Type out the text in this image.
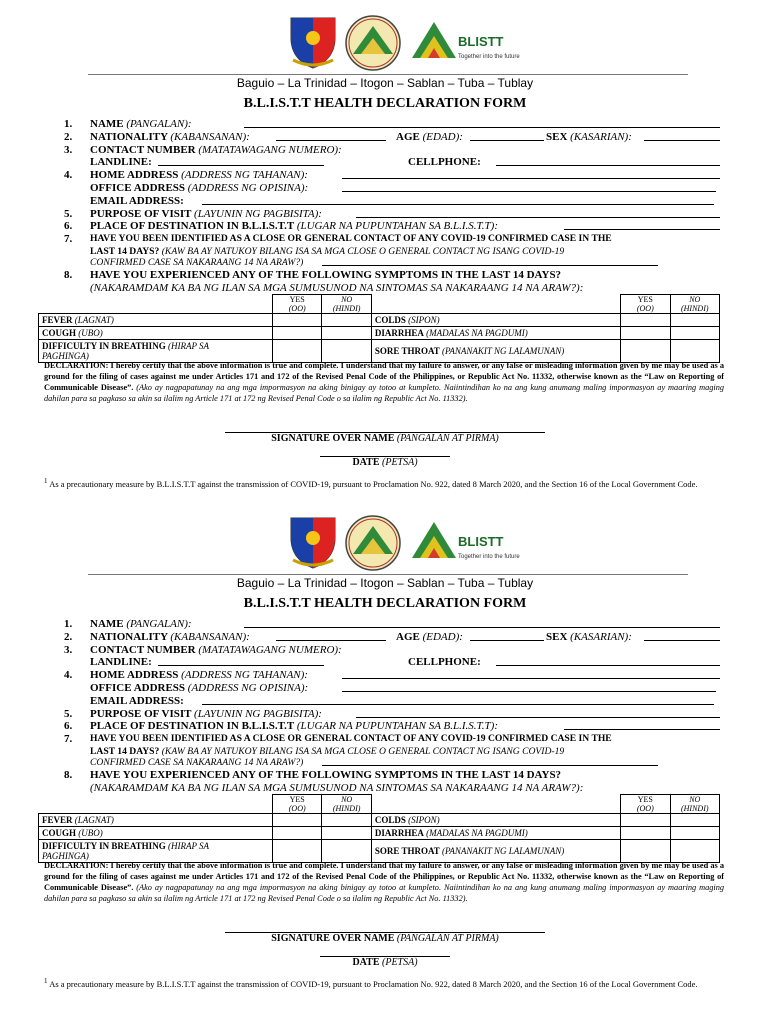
BLISTT
Together into the future
Baguio – La Trinidad – Itogon – Sablan – Tuba – Tublay
B.L.I.S.T.T HEALTH DECLARATION FORM
1.	NAME (PANGALAN):
2.	NATIONALITY (KABANSANAN):	AGE (EDAD):	SEX (KASARIAN):
3.	CONTACT NUMBER (MATATAWAGANG NUMERO):
LANDLINE:	CELLPHONE:
4.	HOME ADDRESS (ADDRESS NG TAHANAN):
OFFICE ADDRESS (ADDRESS NG OPISINA):
EMAIL ADDRESS:
5.	PURPOSE OF VISIT (LAYUNIN NG PAGBISITA):
6.	PLACE OF DESTINATION IN B.L.I.S.T.T (LUGAR NA PUPUNTAHAN SA B.L.I.S.T.T):
7.	HAVE YOU BEEN IDENTIFIED AS A CLOSE OR GENERAL CONTACT OF ANY COVID-19 CONFIRMED CASE IN THE
LAST 14 DAYS? (KAW BA AY NATUKOY BILANG ISA SA MGA CLOSE O GENERAL CONTACT NG ISANG COVID-19
CONFIRMED CASE SA NAKARAANG 14 NA ARAW?)
8.	HAVE YOU EXPERIENCED ANY OF THE FOLLOWING SYMPTOMS IN THE LAST 14 DAYS?
(NAKARAMDAM KA BA NG ILAN SA MGA SUMUSUNOD NA SINTOMAS SA NAKARAANG 14 NA ARAW?):
	YES
(OO)	NO
(HINDI)		YES
(OO)	NO
(HINDI)
FEVER (LAGNAT)			COLDS (SIPON)		
COUGH (UBO)			DIARRHEA (MADALAS NA PAGDUMI)		
DIFFICULTY IN BREATHING (HIRAP SA
PAGHINGA)			SORE THROAT (PANANAKIT NG LALAMUNAN)		
DECLARATION: I hereby certify that the above information is true and complete. I understand that my failure to answer, or any false or misleading information given by me may be used as a ground for the filing of cases against me under Articles 171 and 172 of the Revised Penal Code of the Philippines, or Republic Act No. 11332, otherwise known as the “Law on Reporting of Communicable Disease”. (Ako ay nagpapatunay na ang mga impormasyon na aking binigay ay totoo at kumpleto. Naiintindihan ko na ang kung anumang maling impormasyon ay maaring maging dahilan para sa pagkaso sa akin sa ilalim ng Article 171 at 172 ng Revised Penal Code o sa ilalim ng Republic Act No. 11332).
SIGNATURE OVER NAME (PANGALAN AT PIRMA)
DATE (PETSA)
$^1$ As a precautionary measure by B.L.I.S.T.T against the transmission of COVID-19, pursuant to Proclamation No. 922, dated 8 March 2020, and the Section 16 of the Local Government Code.
BLISTT
Together into the future
Baguio – La Trinidad – Itogon – Sablan – Tuba – Tublay
B.L.I.S.T.T HEALTH DECLARATION FORM
1.	NAME (PANGALAN):
2.	NATIONALITY (KABANSANAN):	AGE (EDAD):	SEX (KASARIAN):
3.	CONTACT NUMBER (MATATAWAGANG NUMERO):
LANDLINE:	CELLPHONE:
4.	HOME ADDRESS (ADDRESS NG TAHANAN):
OFFICE ADDRESS (ADDRESS NG OPISINA):
EMAIL ADDRESS:
5.	PURPOSE OF VISIT (LAYUNIN NG PAGBISITA):
6.	PLACE OF DESTINATION IN B.L.I.S.T.T (LUGAR NA PUPUNTAHAN SA B.L.I.S.T.T):
7.	HAVE YOU BEEN IDENTIFIED AS A CLOSE OR GENERAL CONTACT OF ANY COVID-19 CONFIRMED CASE IN THE
LAST 14 DAYS? (KAW BA AY NATUKOY BILANG ISA SA MGA CLOSE O GENERAL CONTACT NG ISANG COVID-19
CONFIRMED CASE SA NAKARAANG 14 NA ARAW?)
8.	HAVE YOU EXPERIENCED ANY OF THE FOLLOWING SYMPTOMS IN THE LAST 14 DAYS?
(NAKARAMDAM KA BA NG ILAN SA MGA SUMUSUNOD NA SINTOMAS SA NAKARAANG 14 NA ARAW?):
	YES
(OO)	NO
(HINDI)		YES
(OO)	NO
(HINDI)
FEVER (LAGNAT)			COLDS (SIPON)		
COUGH (UBO)			DIARRHEA (MADALAS NA PAGDUMI)		
DIFFICULTY IN BREATHING (HIRAP SA
PAGHINGA)			SORE THROAT (PANANAKIT NG LALAMUNAN)		
DECLARATION: I hereby certify that the above information is true and complete. I understand that my failure to answer, or any false or misleading information given by me may be used as a ground for the filing of cases against me under Articles 171 and 172 of the Revised Penal Code of the Philippines, or Republic Act No. 11332, otherwise known as the “Law on Reporting of Communicable Disease”. (Ako ay nagpapatunay na ang mga impormasyon na aking binigay ay totoo at kumpleto. Naiintindihan ko na ang kung anumang maling impormasyon ay maaring maging dahilan para sa pagkaso sa akin sa ilalim ng Article 171 at 172 ng Revised Penal Code o sa ilalim ng Republic Act No. 11332).
SIGNATURE OVER NAME (PANGALAN AT PIRMA)
DATE (PETSA)
$^1$ As a precautionary measure by B.L.I.S.T.T against the transmission of COVID-19, pursuant to Proclamation No. 922, dated 8 March 2020, and the Section 16 of the Local Government Code.
